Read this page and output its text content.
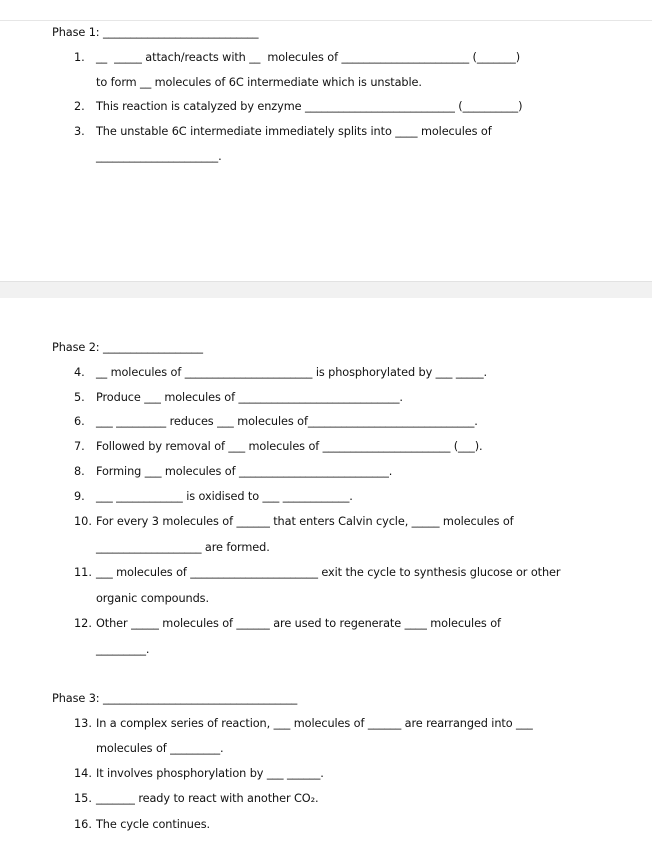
Phase 1: ____________________________
1. __  _____ attach/reacts with __  molecules of _______________________ (_______)
to form __ molecules of 6C intermediate which is unstable.
2. This reaction is catalyzed by enzyme ___________________________ (__________)
3. The unstable 6C intermediate immediately splits into ____ molecules of
______________________.
Phase 2: __________________
4. __ molecules of _______________________ is phosphorylated by ___ _____.
5. Produce ___ molecules of _____________________________.
6. ___ _________ reduces ___ molecules of______________________________.
7. Followed by removal of ___ molecules of _______________________ (___).
8. Forming ___ molecules of ___________________________.
9. ___ ____________ is oxidised to ___ ____________.
10. For every 3 molecules of ______ that enters Calvin cycle, _____ molecules of
___________________ are formed.
11. ___ molecules of _______________________ exit the cycle to synthesis glucose or other
organic compounds.
12. Other _____ molecules of ______ are used to regenerate ____ molecules of
_________.
Phase 3: ___________________________________
13. In a complex series of reaction, ___ molecules of ______ are rearranged into ___
molecules of _________.
14. It involves phosphorylation by ___ ______.
15. _______ ready to react with another CO₂.
16. The cycle continues.
